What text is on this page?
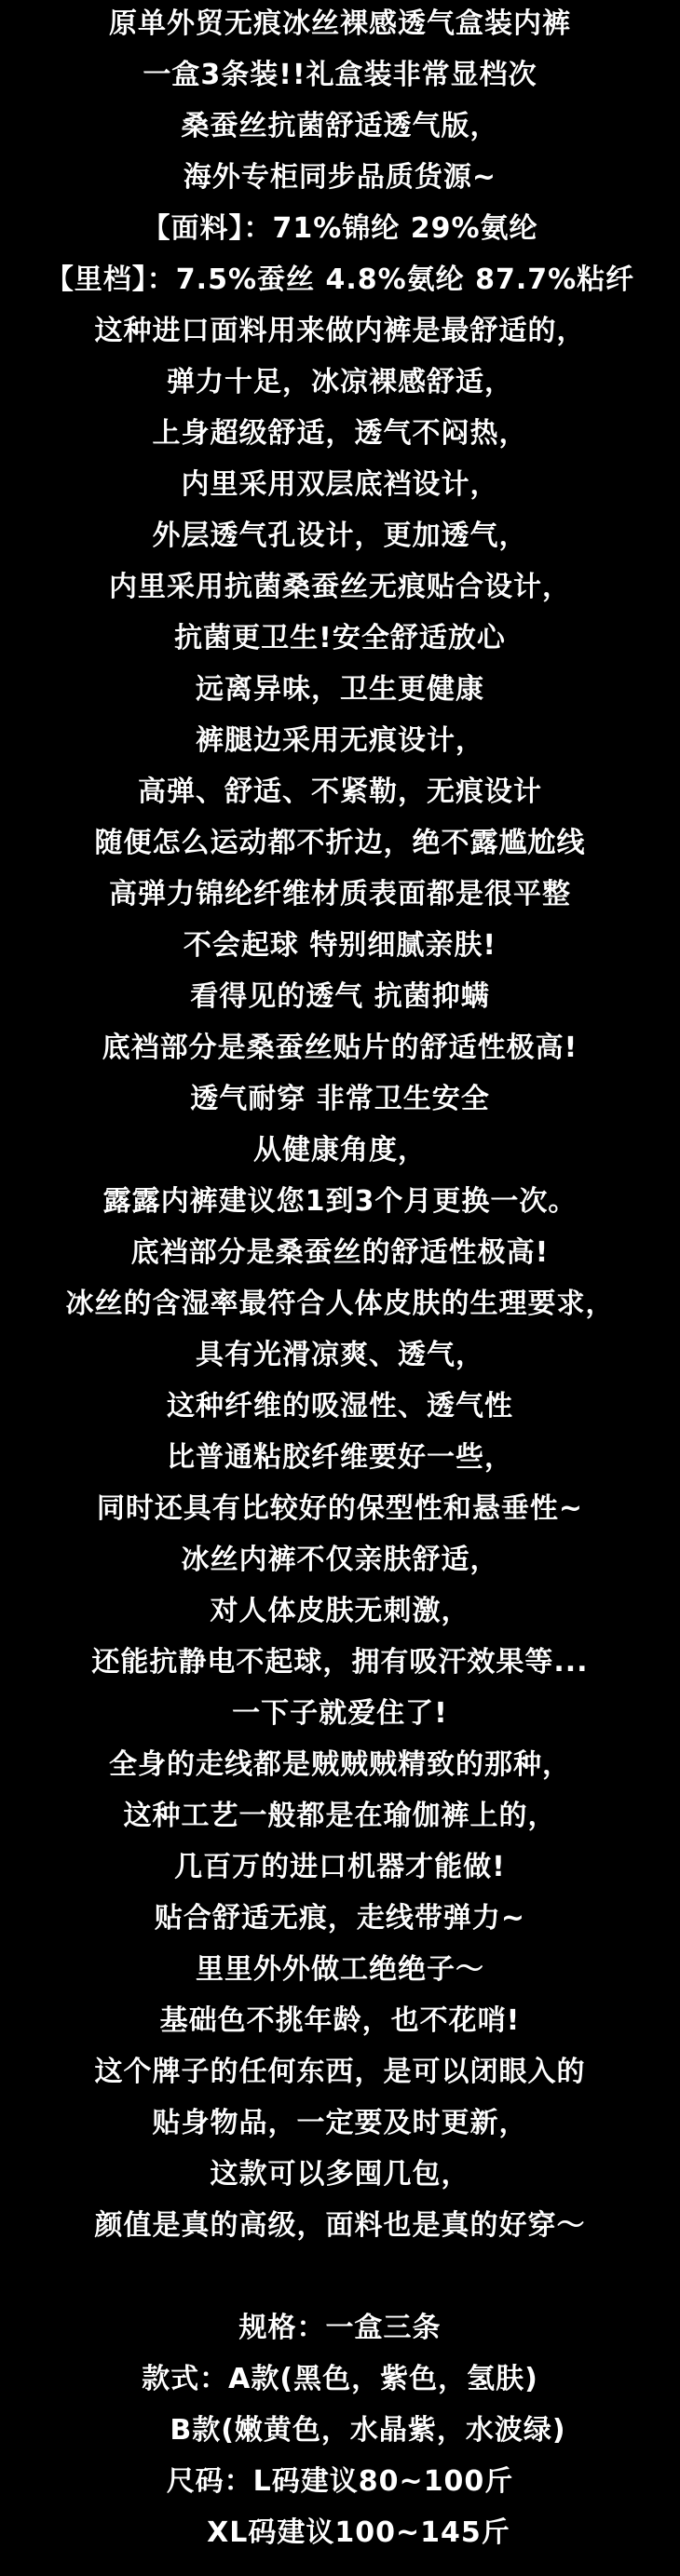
原单外贸无痕冰丝裸感透气盒装内裤
一盒3条装!!礼盒装非常显档次
桑蚕丝抗菌舒适透气版，
海外专柜同步品质货源~
【面料】：71%锦纶 29%氨纶
【里档】：7.5%蚕丝 4.8%氨纶 87.7%粘纤
这种进口面料用来做内裤是最舒适的，
弹力十足，冰凉裸感舒适，
上身超级舒适，透气不闷热，
内里采用双层底裆设计，
外层透气孔设计，更加透气，
内里采用抗菌桑蚕丝无痕贴合设计，
抗菌更卫生!安全舒适放心
远离异味，卫生更健康
裤腿边采用无痕设计，
高弹、舒适、不紧勒，无痕设计
随便怎么运动都不折边，绝不露尴尬线
高弹力锦纶纤维材质表面都是很平整
不会起球 特别细腻亲肤!
看得见的透气 抗菌抑螨
底裆部分是桑蚕丝贴片的舒适性极高!
透气耐穿 非常卫生安全
从健康角度，
露露内裤建议您1到3个月更换一次。
底裆部分是桑蚕丝的舒适性极高!
冰丝的含湿率最符合人体皮肤的生理要求，
具有光滑凉爽、透气，
这种纤维的吸湿性、透气性
比普通粘胶纤维要好一些，
同时还具有比较好的保型性和悬垂性~
冰丝内裤不仅亲肤舒适，
对人体皮肤无刺激，
还能抗静电不起球，拥有吸汗效果等...
一下子就爱住了!
全身的走线都是贼贼贼精致的那种，
这种工艺一般都是在瑜伽裤上的，
几百万的进口机器才能做!
贴合舒适无痕，走线带弹力~
里里外外做工绝绝子～
基础色不挑年龄，也不花哨!
这个牌子的任何东西，是可以闭眼入的
贴身物品，一定要及时更新，
这款可以多囤几包，
颜值是真的高级，面料也是真的好穿～
规格：一盒三条
款式：A款(黑色，紫色，氢肤)
B款(嫩黄色，水晶紫，水波绿)
尺码：L码建议80~100斤
XL码建议100~145斤
